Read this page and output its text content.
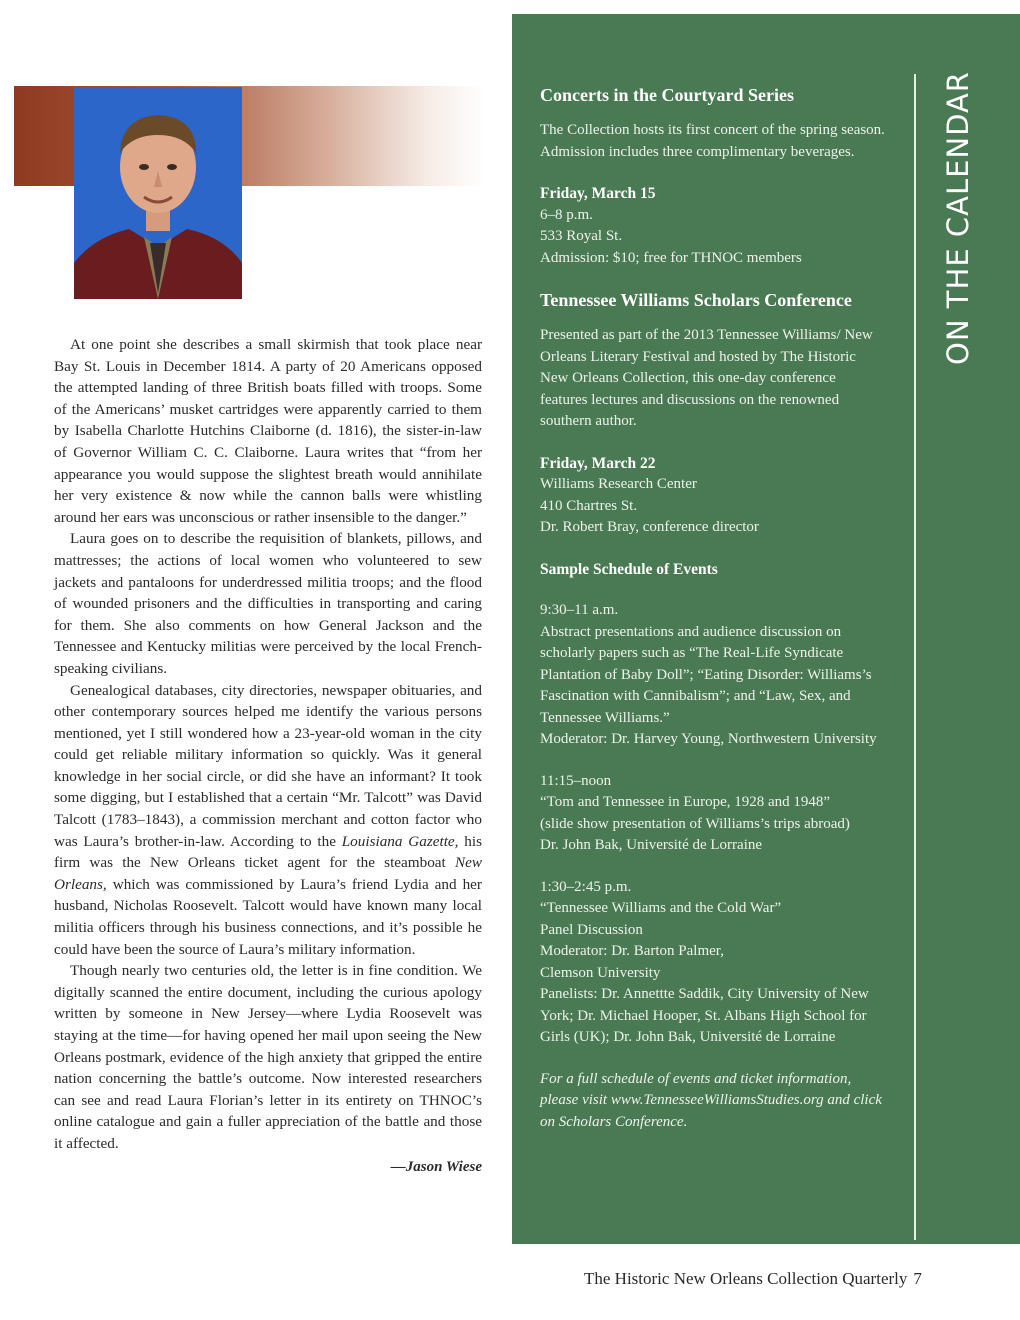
At one point she describes a small skirmish that took place near Bay St. Louis in December 1814. A party of 20 Americans opposed the attempted landing of three British boats filled with troops. Some of the Americans’ musket cartridges were apparently carried to them by Isabella Charlotte Hutchins Claiborne (d. 1816), the sister-in-law of Governor William C. C. Claiborne. Laura writes that “from her appearance you would suppose the slightest breath would annihilate her very existence & now while the cannon balls were whistling around her ears was unconscious or rather insensible to the danger.”

Laura goes on to describe the requisition of blankets, pillows, and mattresses; the actions of local women who volunteered to sew jackets and pantaloons for underdressed militia troops; and the flood of wounded prisoners and the difficulties in transporting and caring for them. She also comments on how General Jackson and the Tennessee and Kentucky militias were perceived by the local French-speaking civilians.

Genealogical databases, city directories, newspaper obituaries, and other contemporary sources helped me identify the various persons mentioned, yet I still wondered how a 23-year-old woman in the city could get reliable military information so quickly. Was it general knowledge in her social circle, or did she have an informant? It took some digging, but I established that a certain “Mr. Talcott” was David Talcott (1783–1843), a commission merchant and cotton factor who was Laura’s brother-in-law. According to the Louisiana Gazette, his firm was the New Orleans ticket agent for the steamboat New Orleans, which was commissioned by Laura’s friend Lydia and her husband, Nicholas Roosevelt. Talcott would have known many local militia officers through his business connections, and it’s possible he could have been the source of Laura’s military information.

Though nearly two centuries old, the letter is in fine condition. We digitally scanned the entire document, including the curious apology written by someone in New Jersey—where Lydia Roosevelt was staying at the time—for having opened her mail upon seeing the New Orleans postmark, evidence of the high anxiety that gripped the entire nation concerning the battle’s outcome. Now interested researchers can see and read Laura Florian’s letter in its entirety on THNOC’s online catalogue and gain a fuller appreciation of the battle and those it affected.

—Jason Wiese
ON THE CALENDAR
Concerts in the Courtyard Series

The Collection hosts its first concert of the spring season. Admission includes three complimentary beverages.

Friday, March 15

6–8 p.m.

533 Royal St.

Admission: $10; free for THNOC members

Tennessee Williams Scholars Conference

Presented as part of the 2013 Tennessee Williams/ New Orleans Literary Festival and hosted by The Historic New Orleans Collection, this one-day conference features lectures and discussions on the renowned southern author.

Friday, March 22

Williams Research Center

410 Chartres St.

Dr. Robert Bray, conference director

Sample Schedule of Events

9:30–11 a.m.

Abstract presentations and audience discussion on scholarly papers such as “The Real-Life Syndicate Plantation of Baby Doll”; “Eating Disorder: Williams’s Fascination with Cannibalism”; and “Law, Sex, and Tennessee Williams.”

Moderator: Dr. Harvey Young, Northwestern University

11:15–noon

“Tom and Tennessee in Europe, 1928 and 1948”

(slide show presentation of Williams’s trips abroad)

Dr. John Bak, Université de Lorraine

1:30–2:45 p.m.

“Tennessee Williams and the Cold War”

Panel Discussion

Moderator: Dr. Barton Palmer,

Clemson University

Panelists: Dr. Annettte Saddik, City University of New York; Dr. Michael Hooper, St. Albans High School for Girls (UK); Dr. John Bak, Université de Lorraine

For a full schedule of events and ticket information, please visit www.TennesseeWilliamsStudies.org and click on Scholars Conference.

The Historic New Orleans Collection Quarterly 7
